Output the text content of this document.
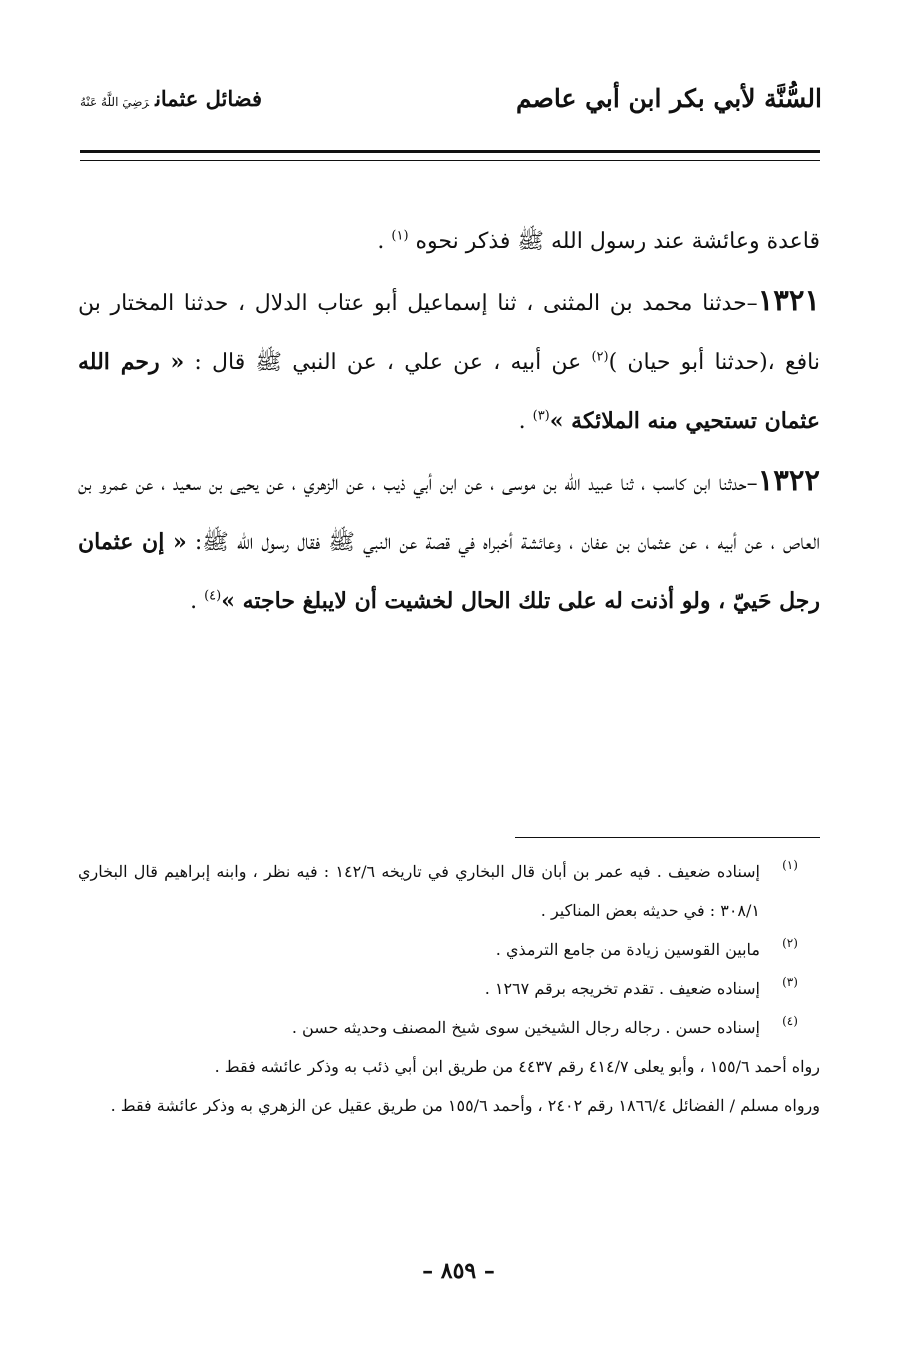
السُّنَّة لأبي بكر ابن أبي عاصم
فضائل عثمانرَضِيَ اللَّهُ عَنْهُ

قاعدة وعائشة عند رسول الله ﷺ فذكر نحوه $^{(١)}$ .

١٣٢١–حدثنا محمد بن المثنى ، ثنا إسماعيل أبو عتاب الدلال ، حدثنا المختار بن نافع ،(حدثنا أبو حيان )$^{(٢)}$ عن أبيه ، عن علي ، عن النبي ﷺ قال : « رحم الله عثمان تستحيي منه الملائكة »$^{(٣)}$ .

١٣٢٢–حدثنا ابن كاسب ، ثنا عبيد الله بن موسى ، عن ابن أبي ذيب ، عن الزهري ، عن يحيى بن سعيد ، عن عمرو بن العاص ، عن أبيه ، عن عثمان بن عفان ، وعائشة أخبراه في قصة عن النبي ﷺ فقال رسول الله ﷺ: « إن عثمان رجل حَييّ ، ولو أذنت له على تلك الحال لخشيت أن لايبلغ حاجته »$^{(٤)}$ .

(١)
إسناده ضعيف . فيه عمر بن أبان قال البخاري في تاريخه ١٤٢/٦ : فيه نظر ، وابنه إبراهيم قال البخاري ٣٠٨/١ : في حديثه بعض المناكير .
(٢)
مابين القوسين زيادة من جامع الترمذي .
(٣)
إسناده ضعيف . تقدم تخريجه برقم ١٢٦٧ .
(٤)
إسناده حسن . رجاله رجال الشيخين سوى شيخ المصنف وحديثه حسن .
رواه أحمد ١٥٥/٦ ، وأبو يعلى ٤١٤/٧ رقم ٤٤٣٧ من طريق ابن أبي ذئب به وذكر عائشه فقط .
ورواه مسلم / الفضائل ١٨٦٦/٤ رقم ٢٤٠٢ ، وأحمد ١٥٥/٦ من طريق عقيل عن الزهري به وذكر عائشة فقط .
– ٨٥٩ –
